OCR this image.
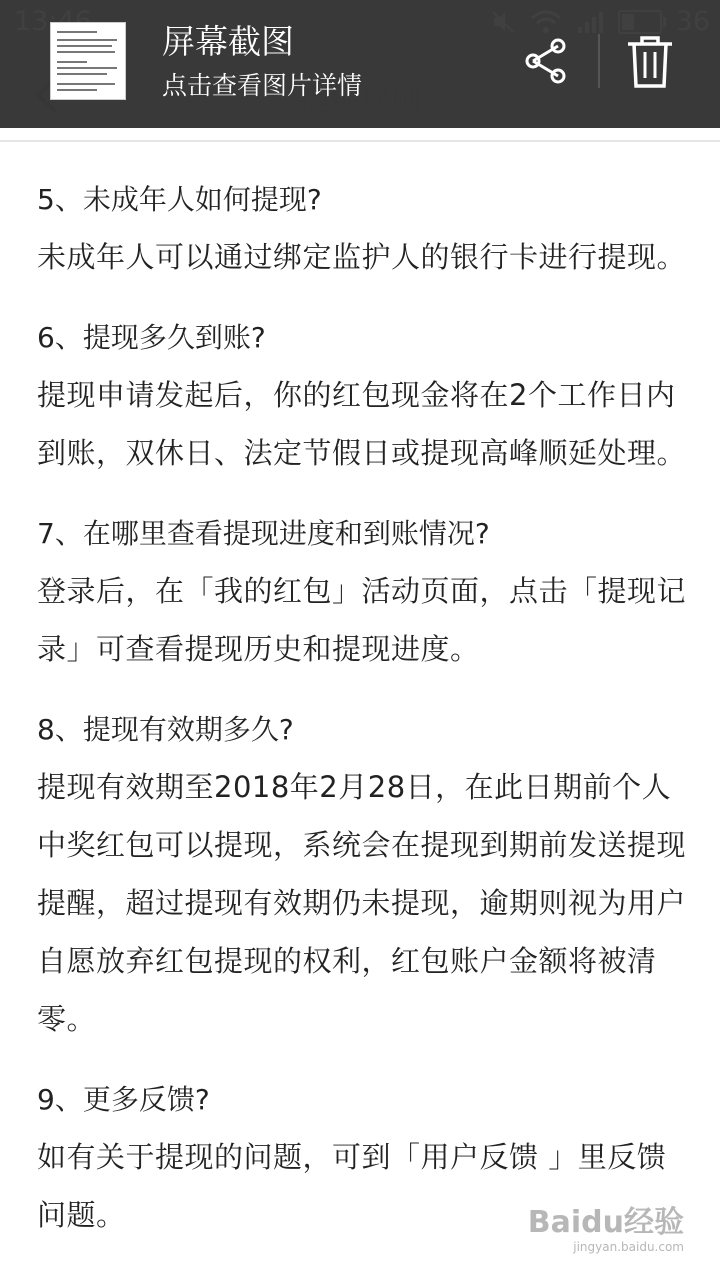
屏幕截图
点击查看图片详情

5、未成年人如何提现?

未成年人可以通过绑定监护人的银行卡进行提现。

6、提现多久到账?

提现申请发起后，你的红包现金将在2个工作日内到账，双休日、法定节假日或提现高峰顺延处理。

7、在哪里查看提现进度和到账情况?

登录后，在「我的红包」活动页面，点击「提现记录」可查看提现历史和提现进度。

8、提现有效期多久?

提现有效期至2018年2月28日，在此日期前个人中奖红包可以提现，系统会在提现到期前发送提现提醒，超过提现有效期仍未提现，逾期则视为用户自愿放弃红包提现的权利，红包账户金额将被清零。

9、更多反馈?

如有关于提现的问题，可到「用户反馈 」里反馈问题。	Baidu经验
jingyan.baidu.com
